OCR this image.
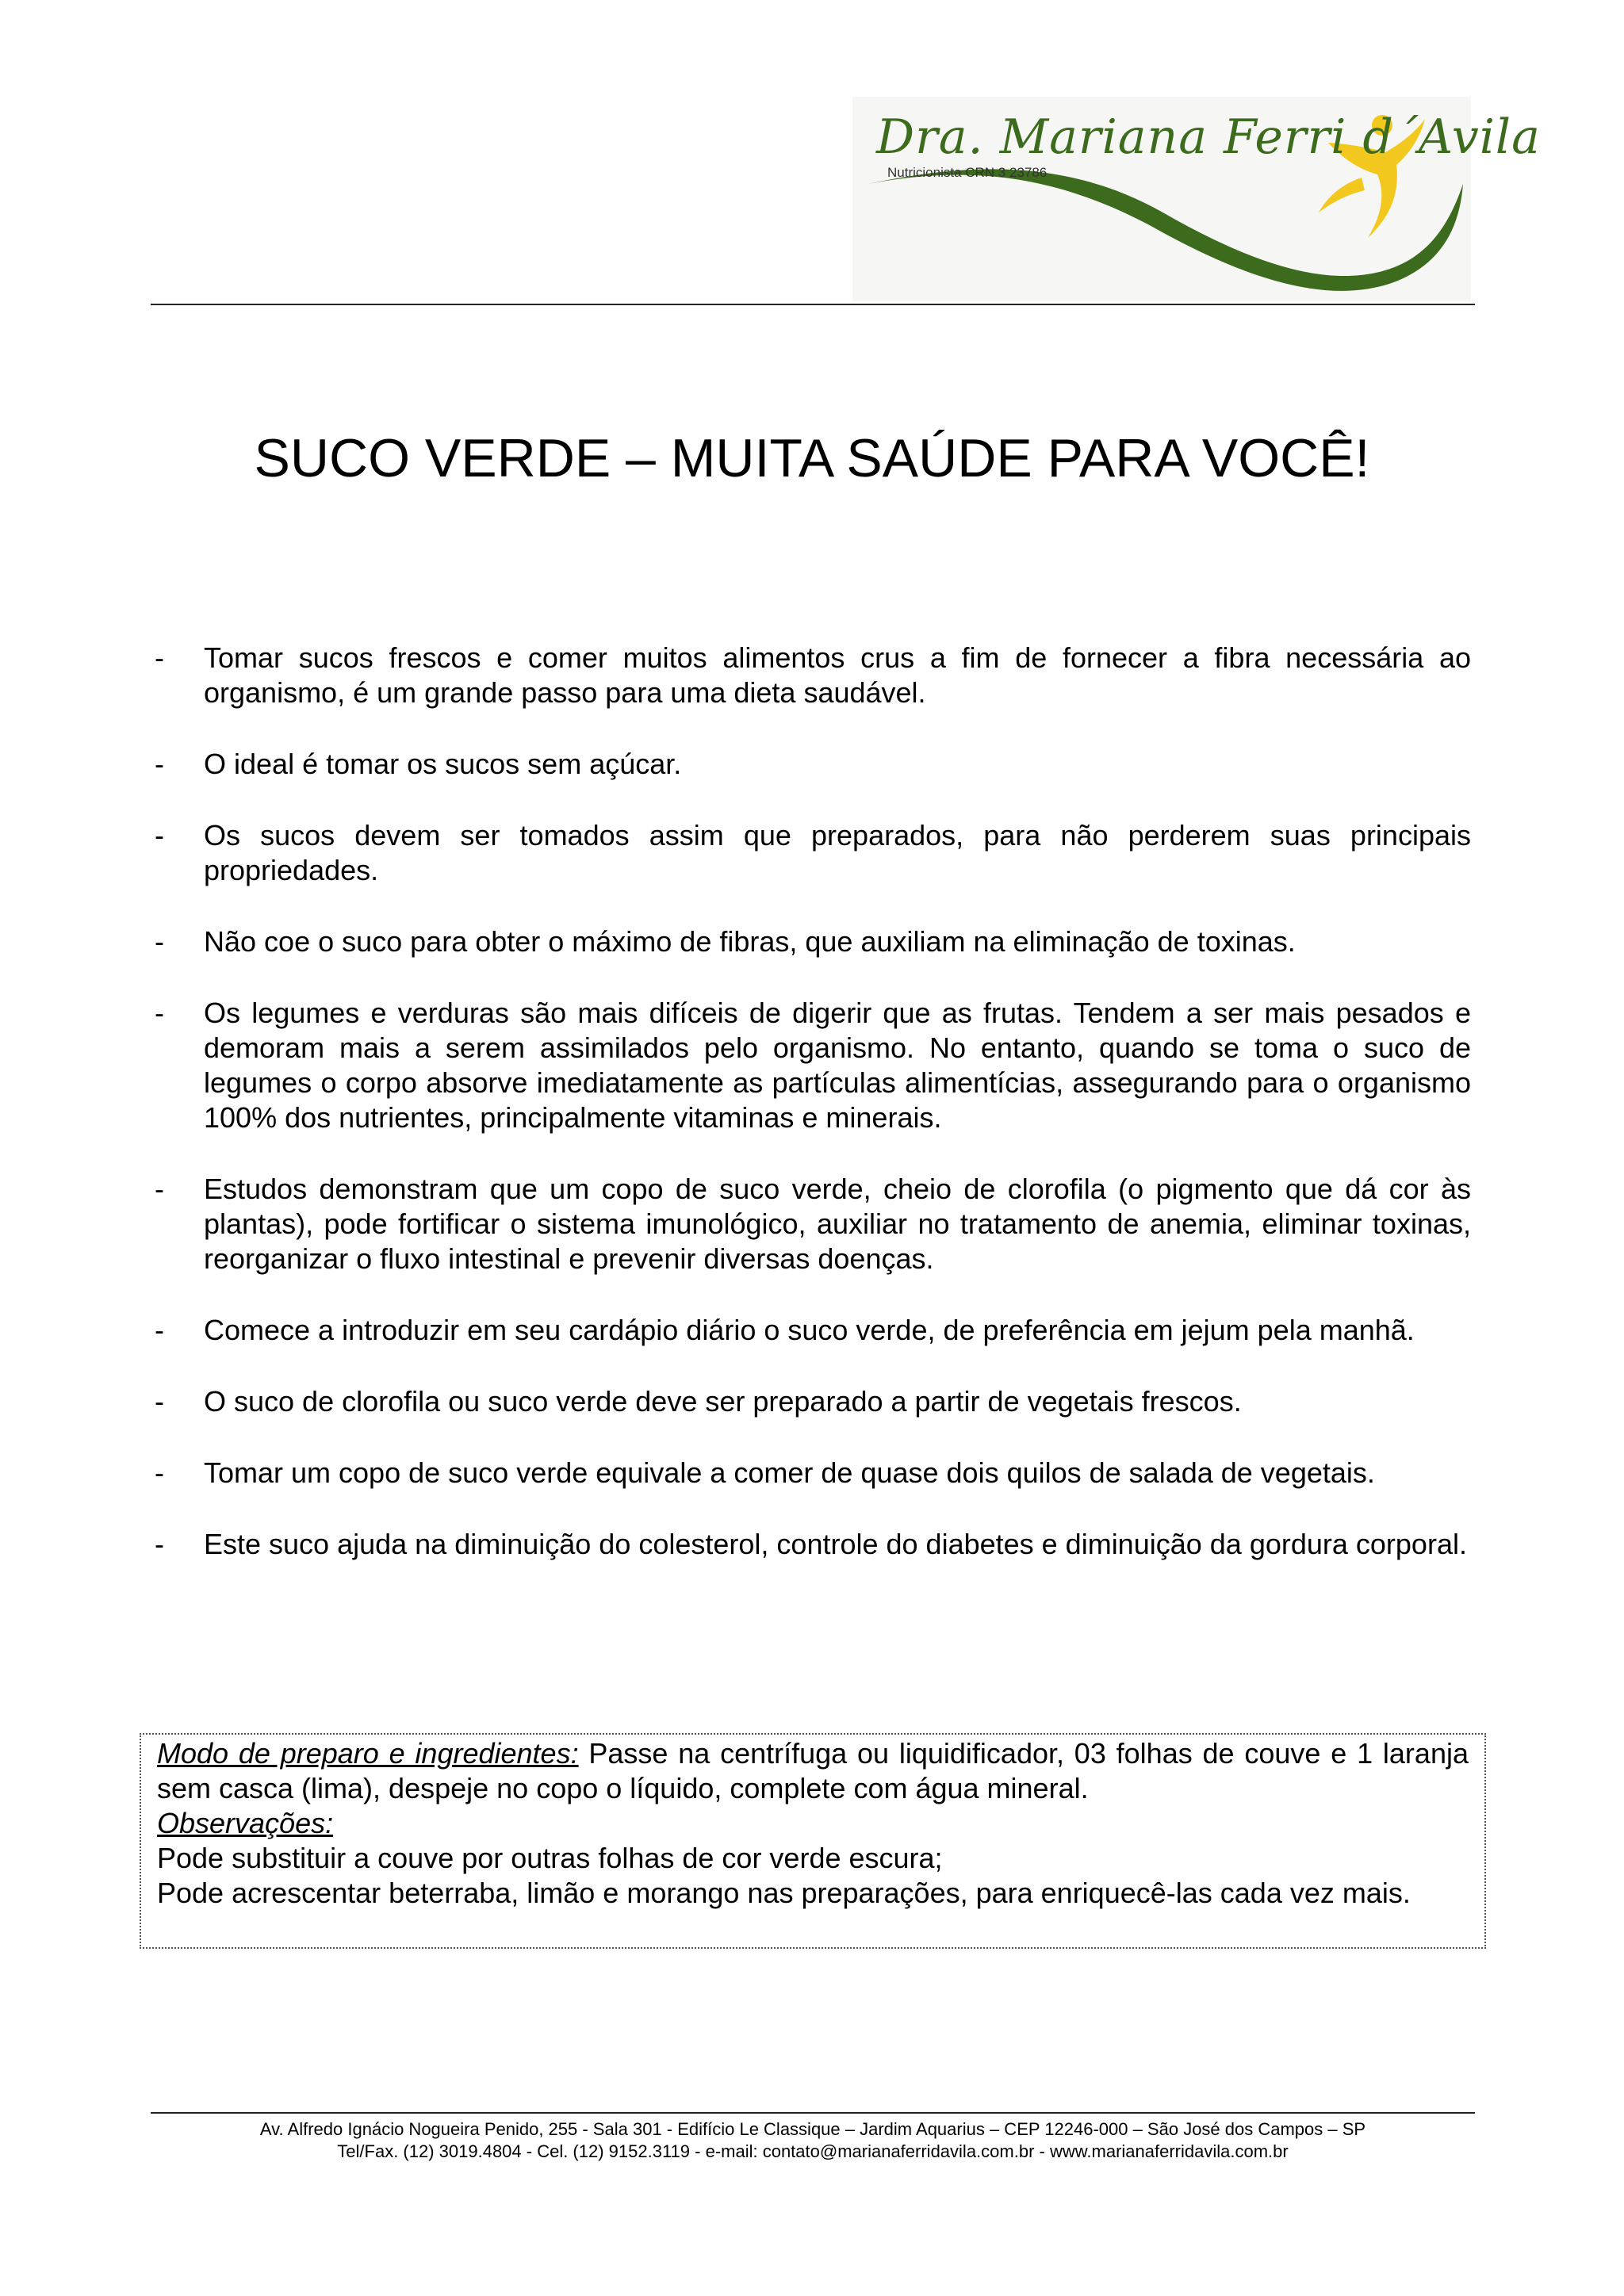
Dra. Mariana Ferri d´Avila
Nutricionista CRN 3 23786
SUCO VERDE – MUITA SAÚDE PARA VOCÊ!
- Tomar sucos frescos e comer muitos alimentos crus a fim de fornecer a fibra necessária ao organismo, é um grande passo para uma dieta saudável.
- O ideal é tomar os sucos sem açúcar.
- Os sucos devem ser tomados assim que preparados, para não perderem suas principais propriedades.
- Não coe o suco para obter o máximo de fibras, que auxiliam na eliminação de toxinas.
- Os legumes e verduras são mais difíceis de digerir que as frutas. Tendem a ser mais pesados e demoram mais a serem assimilados pelo organismo. No entanto, quando se toma o suco de legumes o corpo absorve imediatamente as partículas alimentícias, assegurando para o organismo 100% dos nutrientes, principalmente vitaminas e minerais.
- Estudos demonstram que um copo de suco verde, cheio de clorofila (o pigmento que dá cor às plantas), pode fortificar o sistema imunológico, auxiliar no tratamento de anemia, eliminar toxinas, reorganizar o fluxo intestinal e prevenir diversas doenças.
- Comece a introduzir em seu cardápio diário o suco verde, de preferência em jejum pela manhã.
- O suco de clorofila ou suco verde deve ser preparado a partir de vegetais frescos.
- Tomar um copo de suco verde equivale a comer de quase dois quilos de salada de vegetais.
- Este suco ajuda na diminuição do colesterol, controle do diabetes e diminuição da gordura corporal.

Modo de preparo e ingredientes: Passe na centrífuga ou liquidificador, 03 folhas de couve e 1 laranja sem casca (lima), despeje no copo o líquido, complete com água mineral.

Observações:

Pode substituir a couve por outras folhas de cor verde escura;

Pode acrescentar beterraba, limão e morango nas preparações, para enriquecê-las cada vez mais.

Av. Alfredo Ignácio Nogueira Penido, 255 - Sala 301 - Edifício Le Classique – Jardim Aquarius – CEP 12246-000 – São José dos Campos – SP
Tel/Fax. (12) 3019.4804 - Cel. (12) 9152.3119 - e-mail: contato@marianaferridavila.com.br - www.marianaferridavila.com.br
